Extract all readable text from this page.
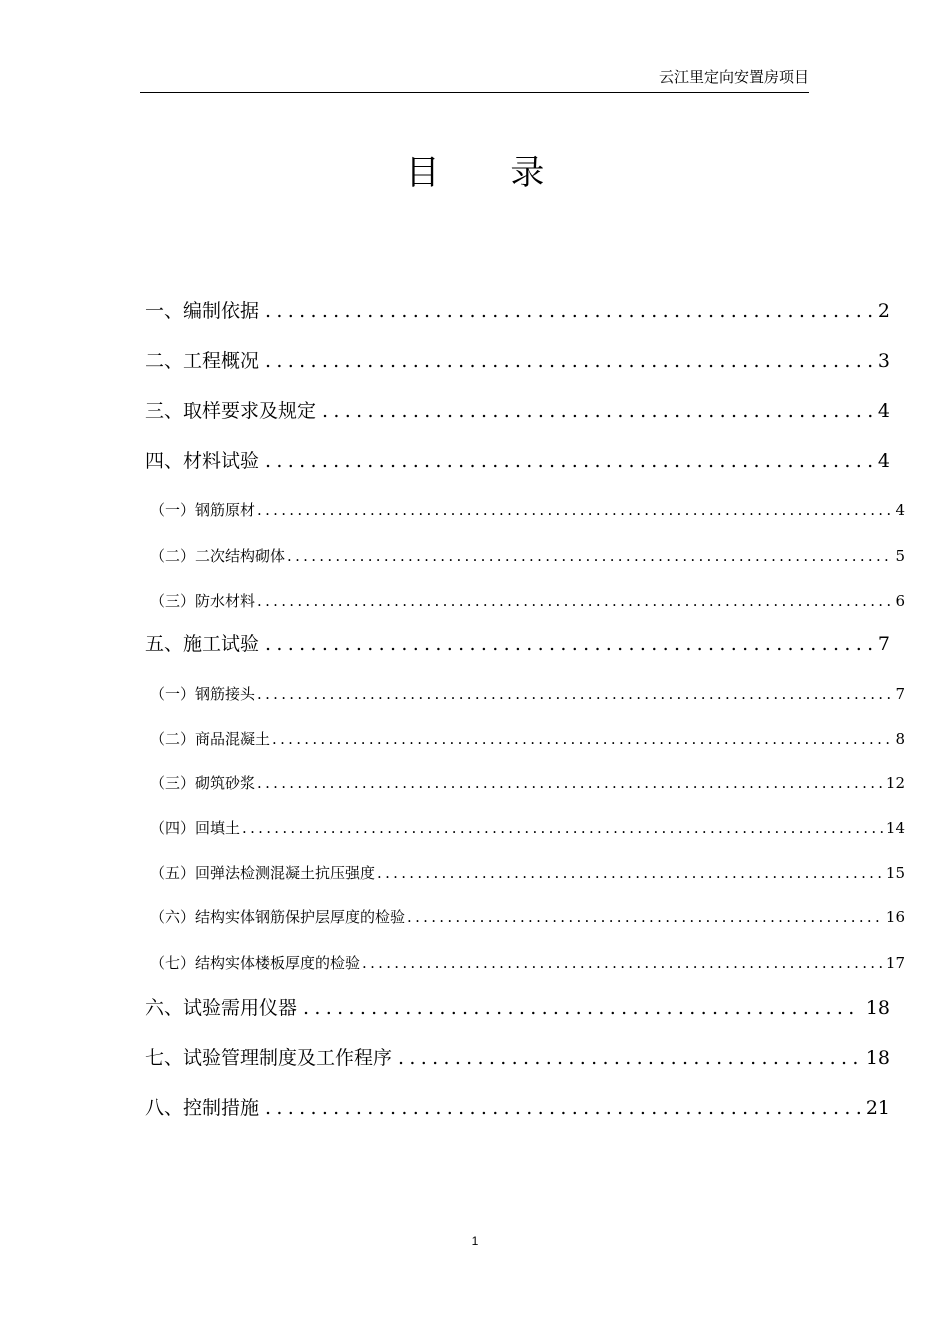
云江里定向安置房项目
目 录
一、编制依据 .....	2
二、工程概况 .....	3
三、取样要求及规定 .....	4
四、材料试验 .....	4
（一）钢筋原材 .....	4
（二）二次结构砌体 .....	5
（三）防水材料 .....	6
五、施工试验 .....	7
（一）钢筋接头 .....	7
（二）商品混凝土 .....	8
（三）砌筑砂浆 .....	12
（四）回填土 .....	14
（五）回弹法检测混凝土抗压强度 .....	15
（六）结构实体钢筋保护层厚度的检验 .....	16
（七）结构实体楼板厚度的检验 .....	17
六、试验需用仪器 .....	18
七、试验管理制度及工作程序 .....	18
八、控制措施 .....	21
1
